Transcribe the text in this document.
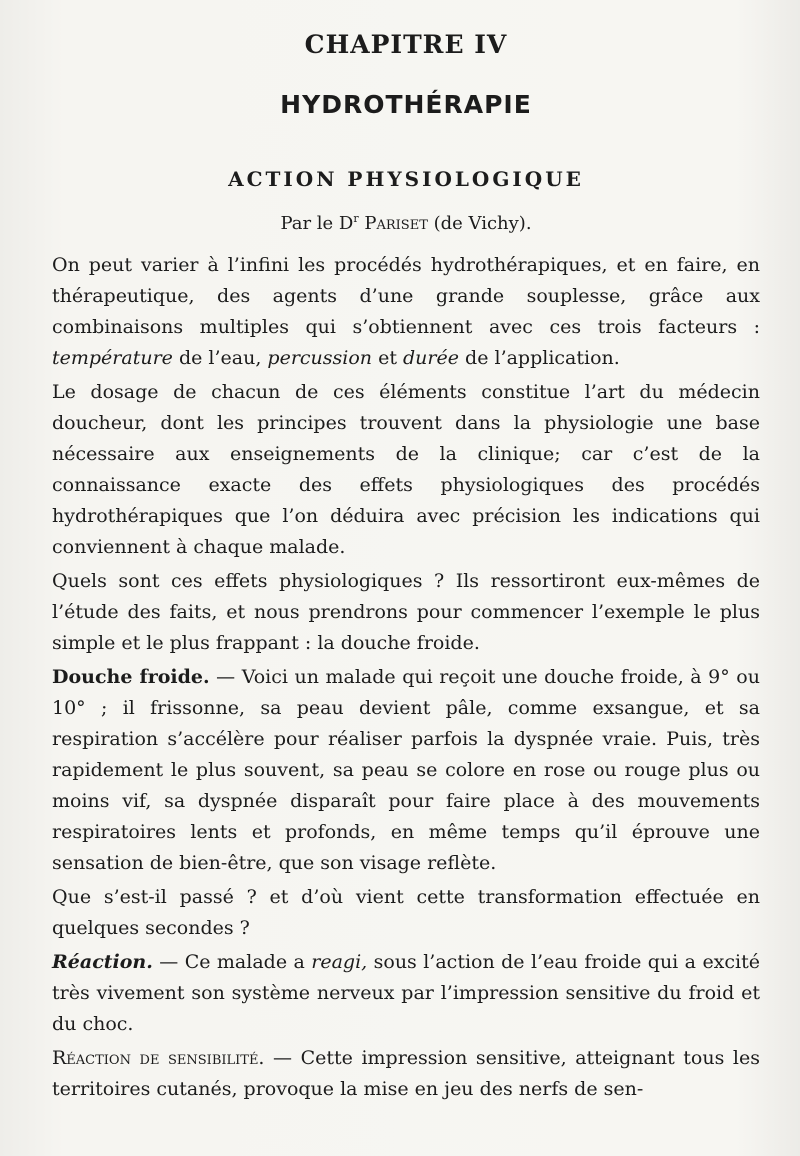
CHAPITRE IV
HYDROTHÉRAPIE
ACTION PHYSIOLOGIQUE
Par le $D^r$ Pariset (de Vichy).

On peut varier à l’infini les procédés hydrothérapiques, et en faire, en thérapeutique, des agents d’une grande souplesse, grâce aux combinaisons multiples qui s’obtiennent avec ces trois facteurs : température de l’eau, percussion et durée de l’application.

Le dosage de chacun de ces éléments constitue l’art du médecin doucheur, dont les principes trouvent dans la physiologie une base nécessaire aux enseignements de la clinique; car c’est de la connaissance exacte des effets physiologiques des procédés hydrothérapiques que l’on déduira avec précision les indications qui conviennent à chaque malade.

Quels sont ces effets physiologiques ? Ils ressortiront eux-mêmes de l’étude des faits, et nous prendrons pour commencer l’exemple le plus simple et le plus frappant : la douche froide.

Douche froide. — Voici un malade qui reçoit une douche froide, à 9° ou 10° ; il frissonne, sa peau devient pâle, comme exsangue, et sa respiration s’accélère pour réaliser parfois la dyspnée vraie. Puis, très rapidement le plus souvent, sa peau se colore en rose ou rouge plus ou moins vif, sa dyspnée disparaît pour faire place à des mouvements respiratoires lents et profonds, en même temps qu’il éprouve une sensation de bien-être, que son visage reflète.

Que s’est-il passé ? et d’où vient cette transformation effectuée en quelques secondes ?

Réaction. — Ce malade a reagi, sous l’action de l’eau froide qui a excité très vivement son système nerveux par l’impression sensitive du froid et du choc.

Réaction de sensibilité. — Cette impression sensitive, atteignant tous les territoires cutanés, provoque la mise en jeu des nerfs de sen-
